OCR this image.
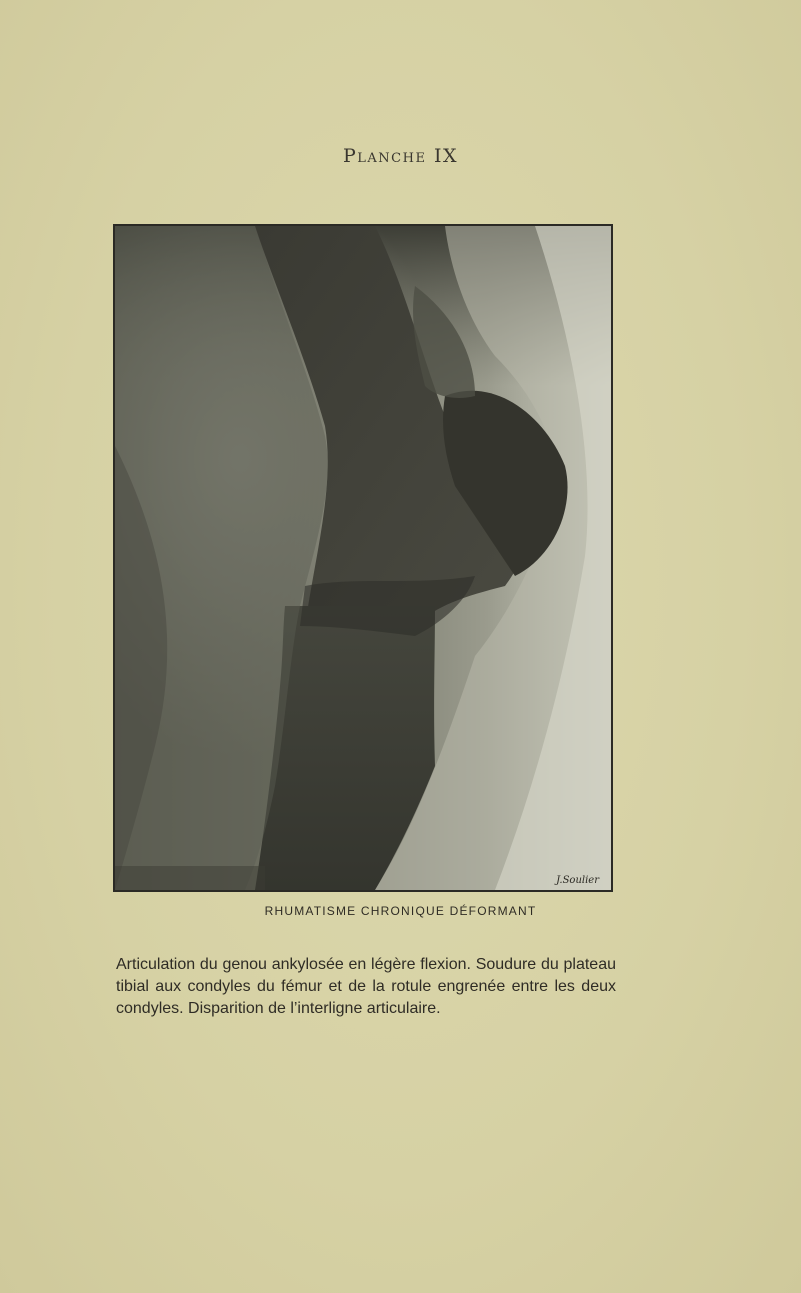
Planche IX
J.Soulier
RHUMATISME CHRONIQUE DÉFORMANT
Articulation du genou ankylosée en légère flexion. Soudure du plateau tibial aux condyles du fémur et de la rotule engrenée entre les deux condyles. Disparition de l’interligne articulaire.
